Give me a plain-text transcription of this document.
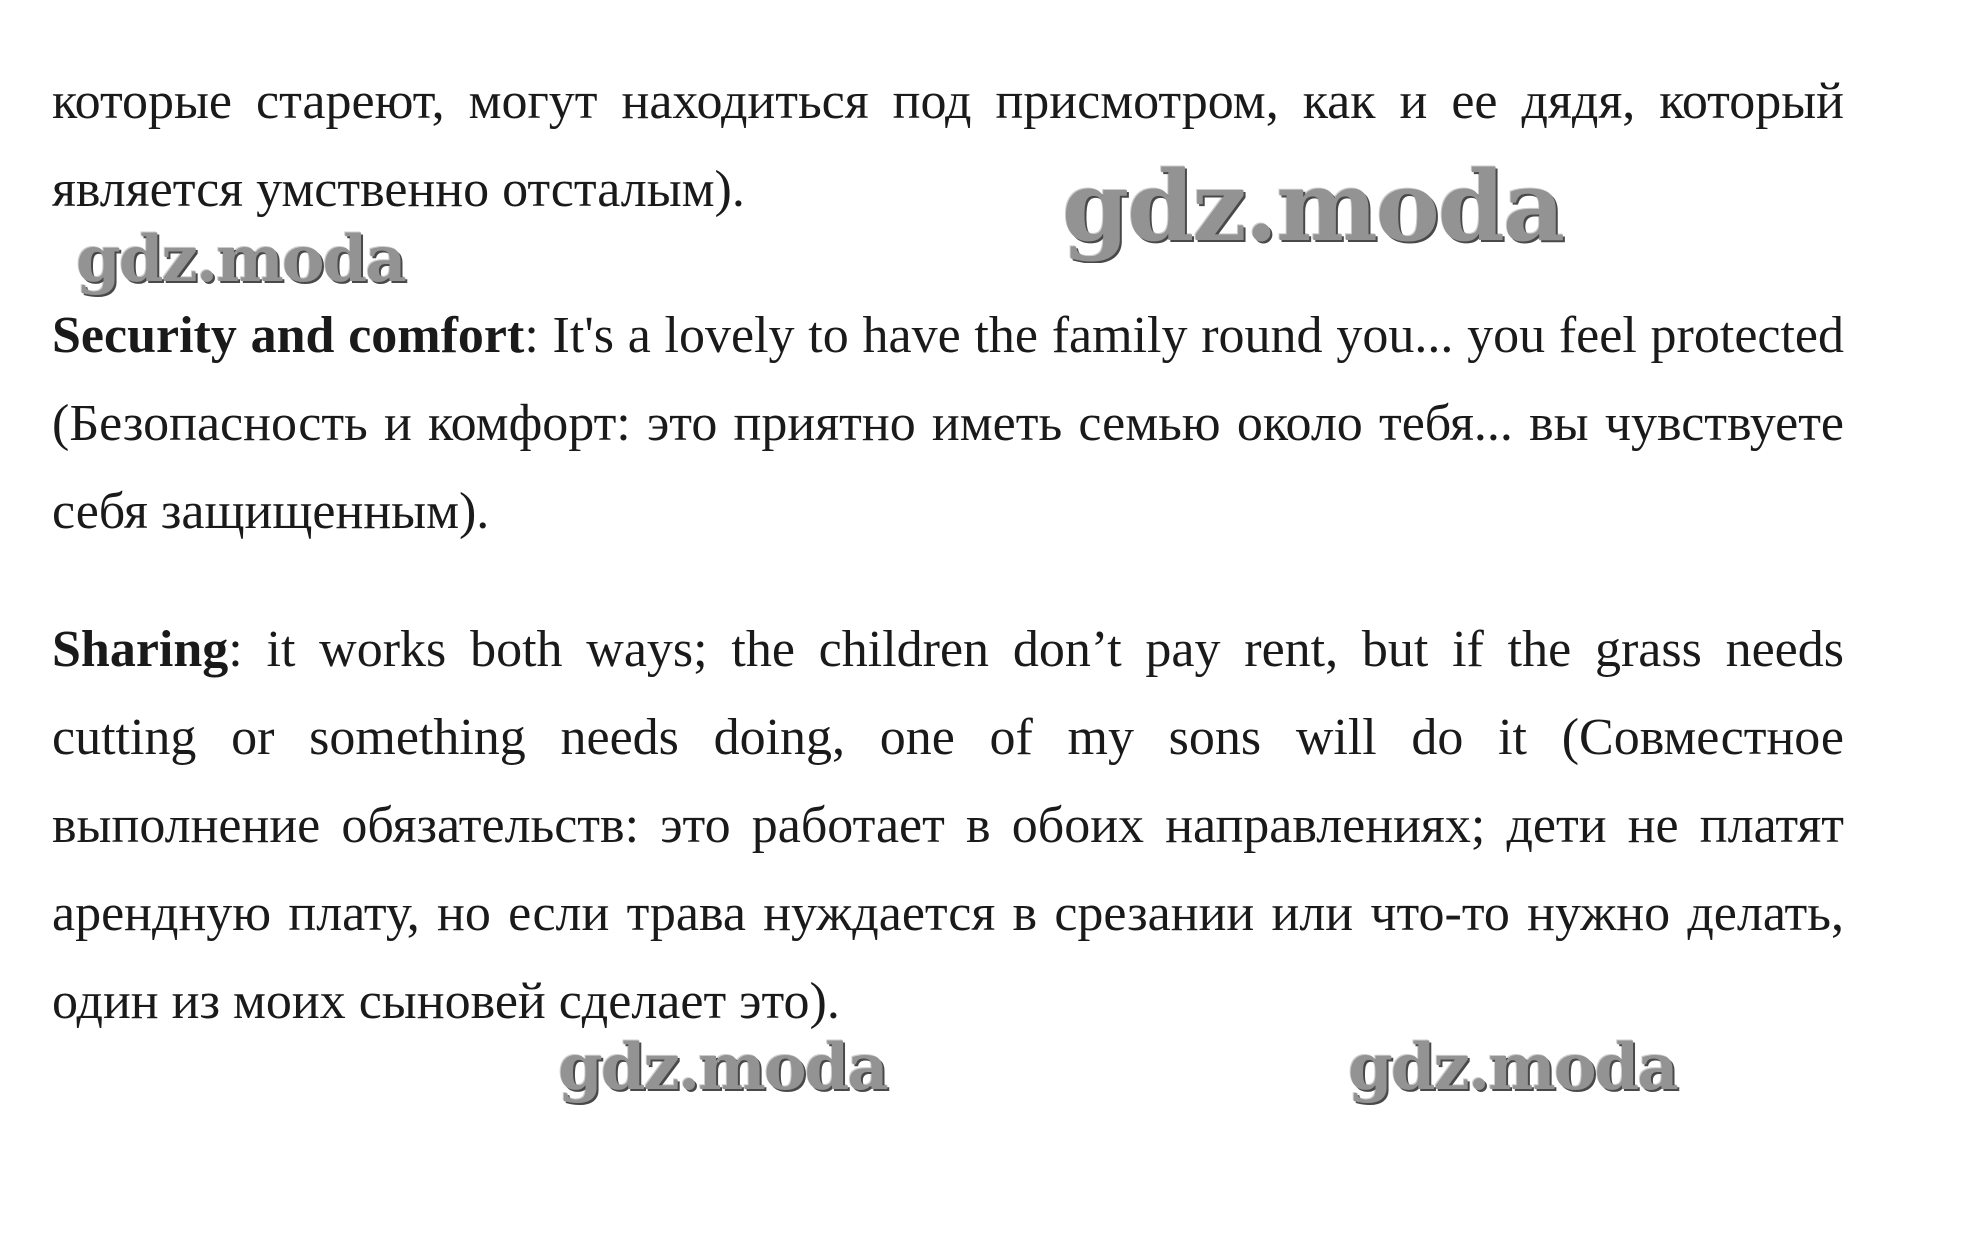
которые стареют, могут находиться под присмотром, как и ее дядя, который является умственно отсталым).

Security and comfort: It's a lovely to have the family round you... you feel protected (Безопасность и комфорт: это приятно иметь семью около тебя... вы чувствуете себя защищенным).

Sharing: it works both ways; the children don’t pay rent, but if the grass needs cutting or something needs doing, one of my sons will do it (Совместное выполнение обязательств: это работает в обоих направлениях; дети не платят арендную плату, но если трава нуждается в срезании или что-то нужно делать, один из моих сыновей сделает это).

gdz.moda
gdz.moda
gdz.moda	gdz.moda
